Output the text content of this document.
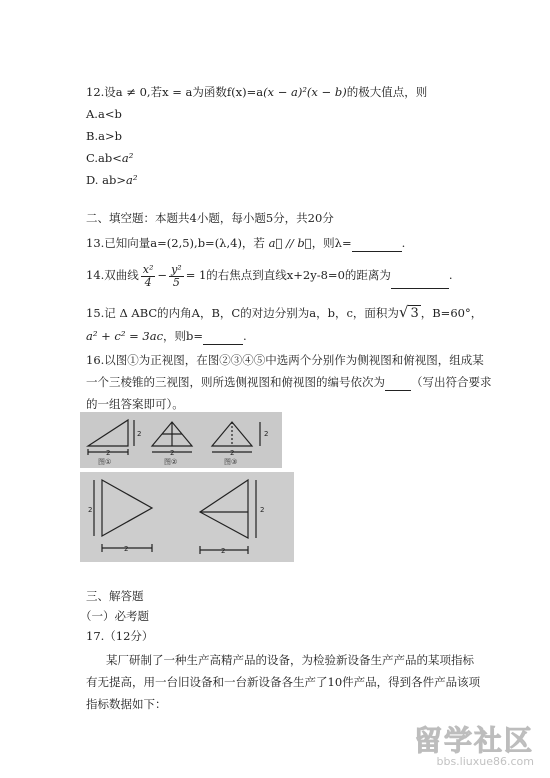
12.设a ≠ 0,若x = a为函数f(x)=a(x − a)²(x − b)的极大值点，则
A.a<b
B.a>b
C.ab<a²
D. ab>a²
二、填空题：本题共4小题，每小题5分，共20分
13.已知向量a=(2,5),b=(λ,4)，若 a⃗ // b⃗，则λ=	.
14.双曲线 $\frac{\text{x²}}{4} - \frac{\text{y²}}{5} = 1$的右焦点到直线x+2y-8=0的距离为	.
15.记 Δ ABC的内角A，B，C的对边分别为a，b，c，面积为√ 3 ，B=60°，
a² + c² = 3ac，则b=	.
16.以图①为正视图，在图②③④⑤中选两个分别作为侧视图和俯视图，组成某
一个三棱锥的三视图，则所选侧视图和俯视图的编号依次为 （写出符合要求
的一组答案即可）。
2
2
图①
2
图②
2
2
图③
2
2
2
2
三、解答题
（一）必考题
17.（12分）
某厂研制了一种生产高精产品的设备，为检验新设备生产产品的某项指标
有无提高，用一台旧设备和一台新设备各生产了10件产品，得到各件产品该项
指标数据如下：
留学社区
bbs.liuxue86.com
